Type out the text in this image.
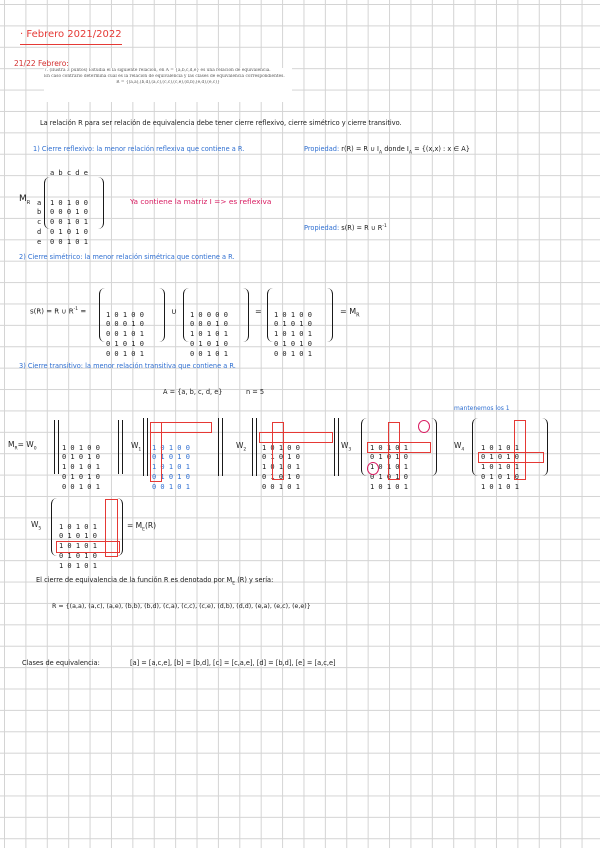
· Febrero 2021/2022
21/22 Febrero:
7. (Ilustra 3 puntos) Estudia el la siguiente relación, en A = {a,b,c,d,e} es una relación de equivalencia.
En caso contrario determina cuál es la relación de equivalencia y las clases de equivalencia correspondientes.
R = {(a,a),(b,d),(a,c),(c,c),(c,e),(d,b),(e,d),(e,c)}
La relación R para ser relación de equivalencia debe tener cierre reflexivo, cierre simétrico y cierre transitivo.
1) Cierre reflexivo: la menor relación reflexiva que contiene a R.	Propiedad: r(R) = R ∪ $I_A$ donde $I_A = \{(x,x)$ : x ∈ A}
$M_R$
a b c d e

a
b
c
d
e

1 0 1 0 0
0 0 0 1 0
0 0 1 0 1
0 1 0 1 0
0 0 1 0 1

Ya contiene la matriz I => es reflexiva
Propiedad: s(R) = R ∪ $R^{-1}$
2) Cierre simétrico: la menor relación simétrica que contiene a R.
s(R) = R ∪ $R^{-1}$ =

	1 0 1 0 0
0 0 0 1 0
0 0 1 0 1
0 1 0 1 0
0 0 1 0 1

∪

1 0 0 0 0
0 0 0 1 0
1 0 1 0 1
0 1 0 1 0
0 0 1 0 1

=

1 0 1 0 0
0 1 0 1 0
1 0 1 0 1
0 1 0 1 0
0 0 1 0 1

= $M_R$
3) Cierre transitivo: la menor relación transitiva que contiene a R.
A = {a, b, c, d, e}	n = 5
mantenemos los 1
$M_R= W_0$

	1 0 1 0 0
0 1 0 1 0
1 0 1 0 1
0 1 0 1 0
0 0 1 0 1

$W_1$

1 0 1 0 0
0 1 0 1 0
1 0 1 0 1
0 1 0 1 0
0 0 1 0 1

$W_2$

1 0 1 0 0
0 1 0 1 0
1 0 1 0 1
0 1 0 1 0
0 0 1 0 1

$W_3$

	1 0 1 0 1
0 1 0 1 0
1 0 1 0 1
0 1 0 1 0
1 0 1 0 1

$W_4$

1 0 1 0 1
0 1 0 1 0
1 0 1 0 1
0 1 0 1 0
1 0 1 0 1

$W_5$

	1 0 1 0 1
0 1 0 1 0
1 0 1 0 1
0 1 0 1 0
1 0 1 0 1

= $M_E(R)$
El cierre de equivalencia de la función R es denotado por $M_E$ (R) y sería:
R = {(a,a), (a,c), (a,e), (b,b), (b,d), (c,a), (c,c), (c,e), (d,b), (d,d), (e,a), (e,c), (e,e)}
Clases de equivalencia:	[a] = [a,c,e], [b] = [b,d], [c] = [c,a,e], [d] = [b,d], [e] = [a,c,e]
